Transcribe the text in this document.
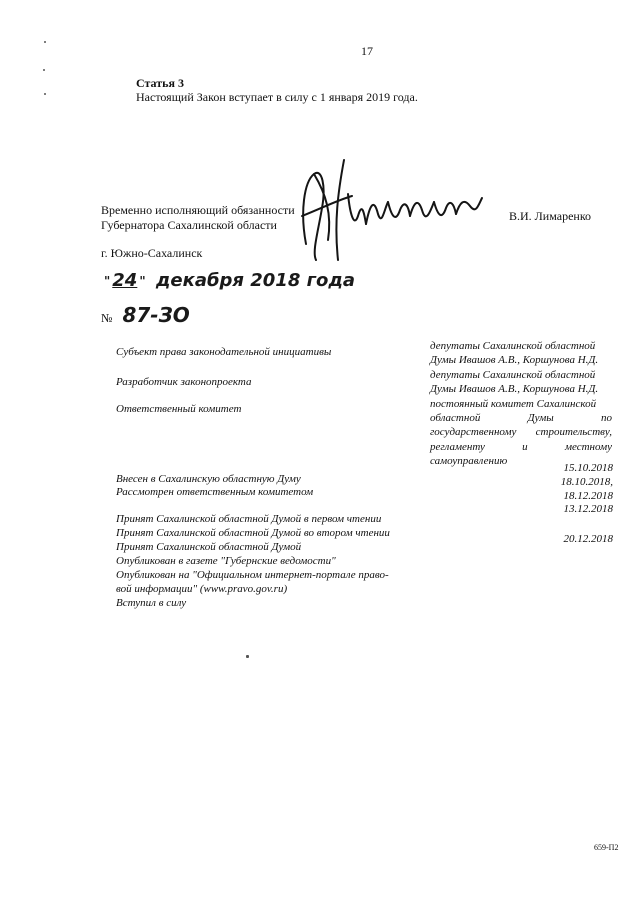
17
Статья 3
Настоящий Закон вступает в силу с 1 января 2019 года.
Временно исполняющий обязанности
Губернатора Сахалинской области
В.И. Лимаренко
Лимаренко
г. Южно-Сахалинск
" 24 " декабря 2018 года
№ 87-ЗО
Субъект права законодательной инициативы
Разработчик законопроекта
Ответственный комитет
депутаты Сахалинской областной
Думы Ивашов А.В., Коршунова Н.Д.
депутаты Сахалинской областной
Думы Ивашов А.В., Коршунова Н.Д.
постоянный комитет Сахалинской
областной Думы по
государственному строительству,
регламенту и местному
самоуправлению
Внесен в Сахалинскую областную Думу
Рассмотрен ответственным комитетом
Принят Сахалинской областной Думой в первом чтении
Принят Сахалинской областной Думой во втором чтении
Принят Сахалинской областной Думой
Опубликован в газете "Губернские ведомости"
Опубликован на "Официальном интернет-портале право-
вой информации" (www.pravo.gov.ru)
Вступил в силу
15.10.2018
18.10.2018,
18.12.2018
13.12.2018
20.12.2018
659-П2
